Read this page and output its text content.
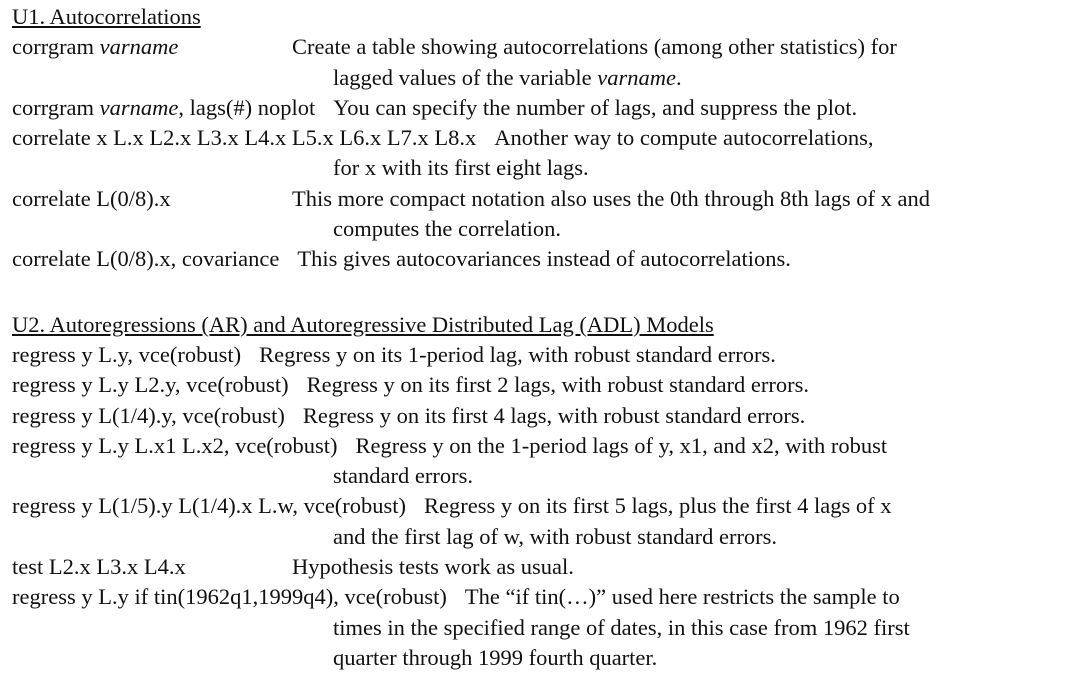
U1. Autocorrelations
corrgram varname	Create a table showing autocorrelations (among other statistics) for
lagged values of the variable varname.
corrgram varname, lags(#) noplot You can specify the number of lags, and suppress the plot.
correlate x L.x L2.x L3.x L4.x L5.x L6.x L7.x L8.x Another way to compute autocorrelations,
for x with its first eight lags.
correlate L(0/8).x	This more compact notation also uses the 0th through 8th lags of x and
computes the correlation.
correlate L(0/8).x, covariance This gives autocovariances instead of autocorrelations.
U2. Autoregressions (AR) and Autoregressive Distributed Lag (ADL) Models
regress y L.y, vce(robust) Regress y on its 1-period lag, with robust standard errors.
regress y L.y L2.y, vce(robust) Regress y on its first 2 lags, with robust standard errors.
regress y L(1/4).y, vce(robust) Regress y on its first 4 lags, with robust standard errors.
regress y L.y L.x1 L.x2, vce(robust) Regress y on the 1-period lags of y, x1, and x2, with robust
standard errors.
regress y L(1/5).y L(1/4).x L.w, vce(robust) Regress y on its first 5 lags, plus the first 4 lags of x
and the first lag of w, with robust standard errors.
test L2.x L3.x L4.x	Hypothesis tests work as usual.
regress y L.y if tin(1962q1,1999q4), vce(robust) The “if tin(…)” used here restricts the sample to
times in the specified range of dates, in this case from 1962 first
quarter through 1999 fourth quarter.
